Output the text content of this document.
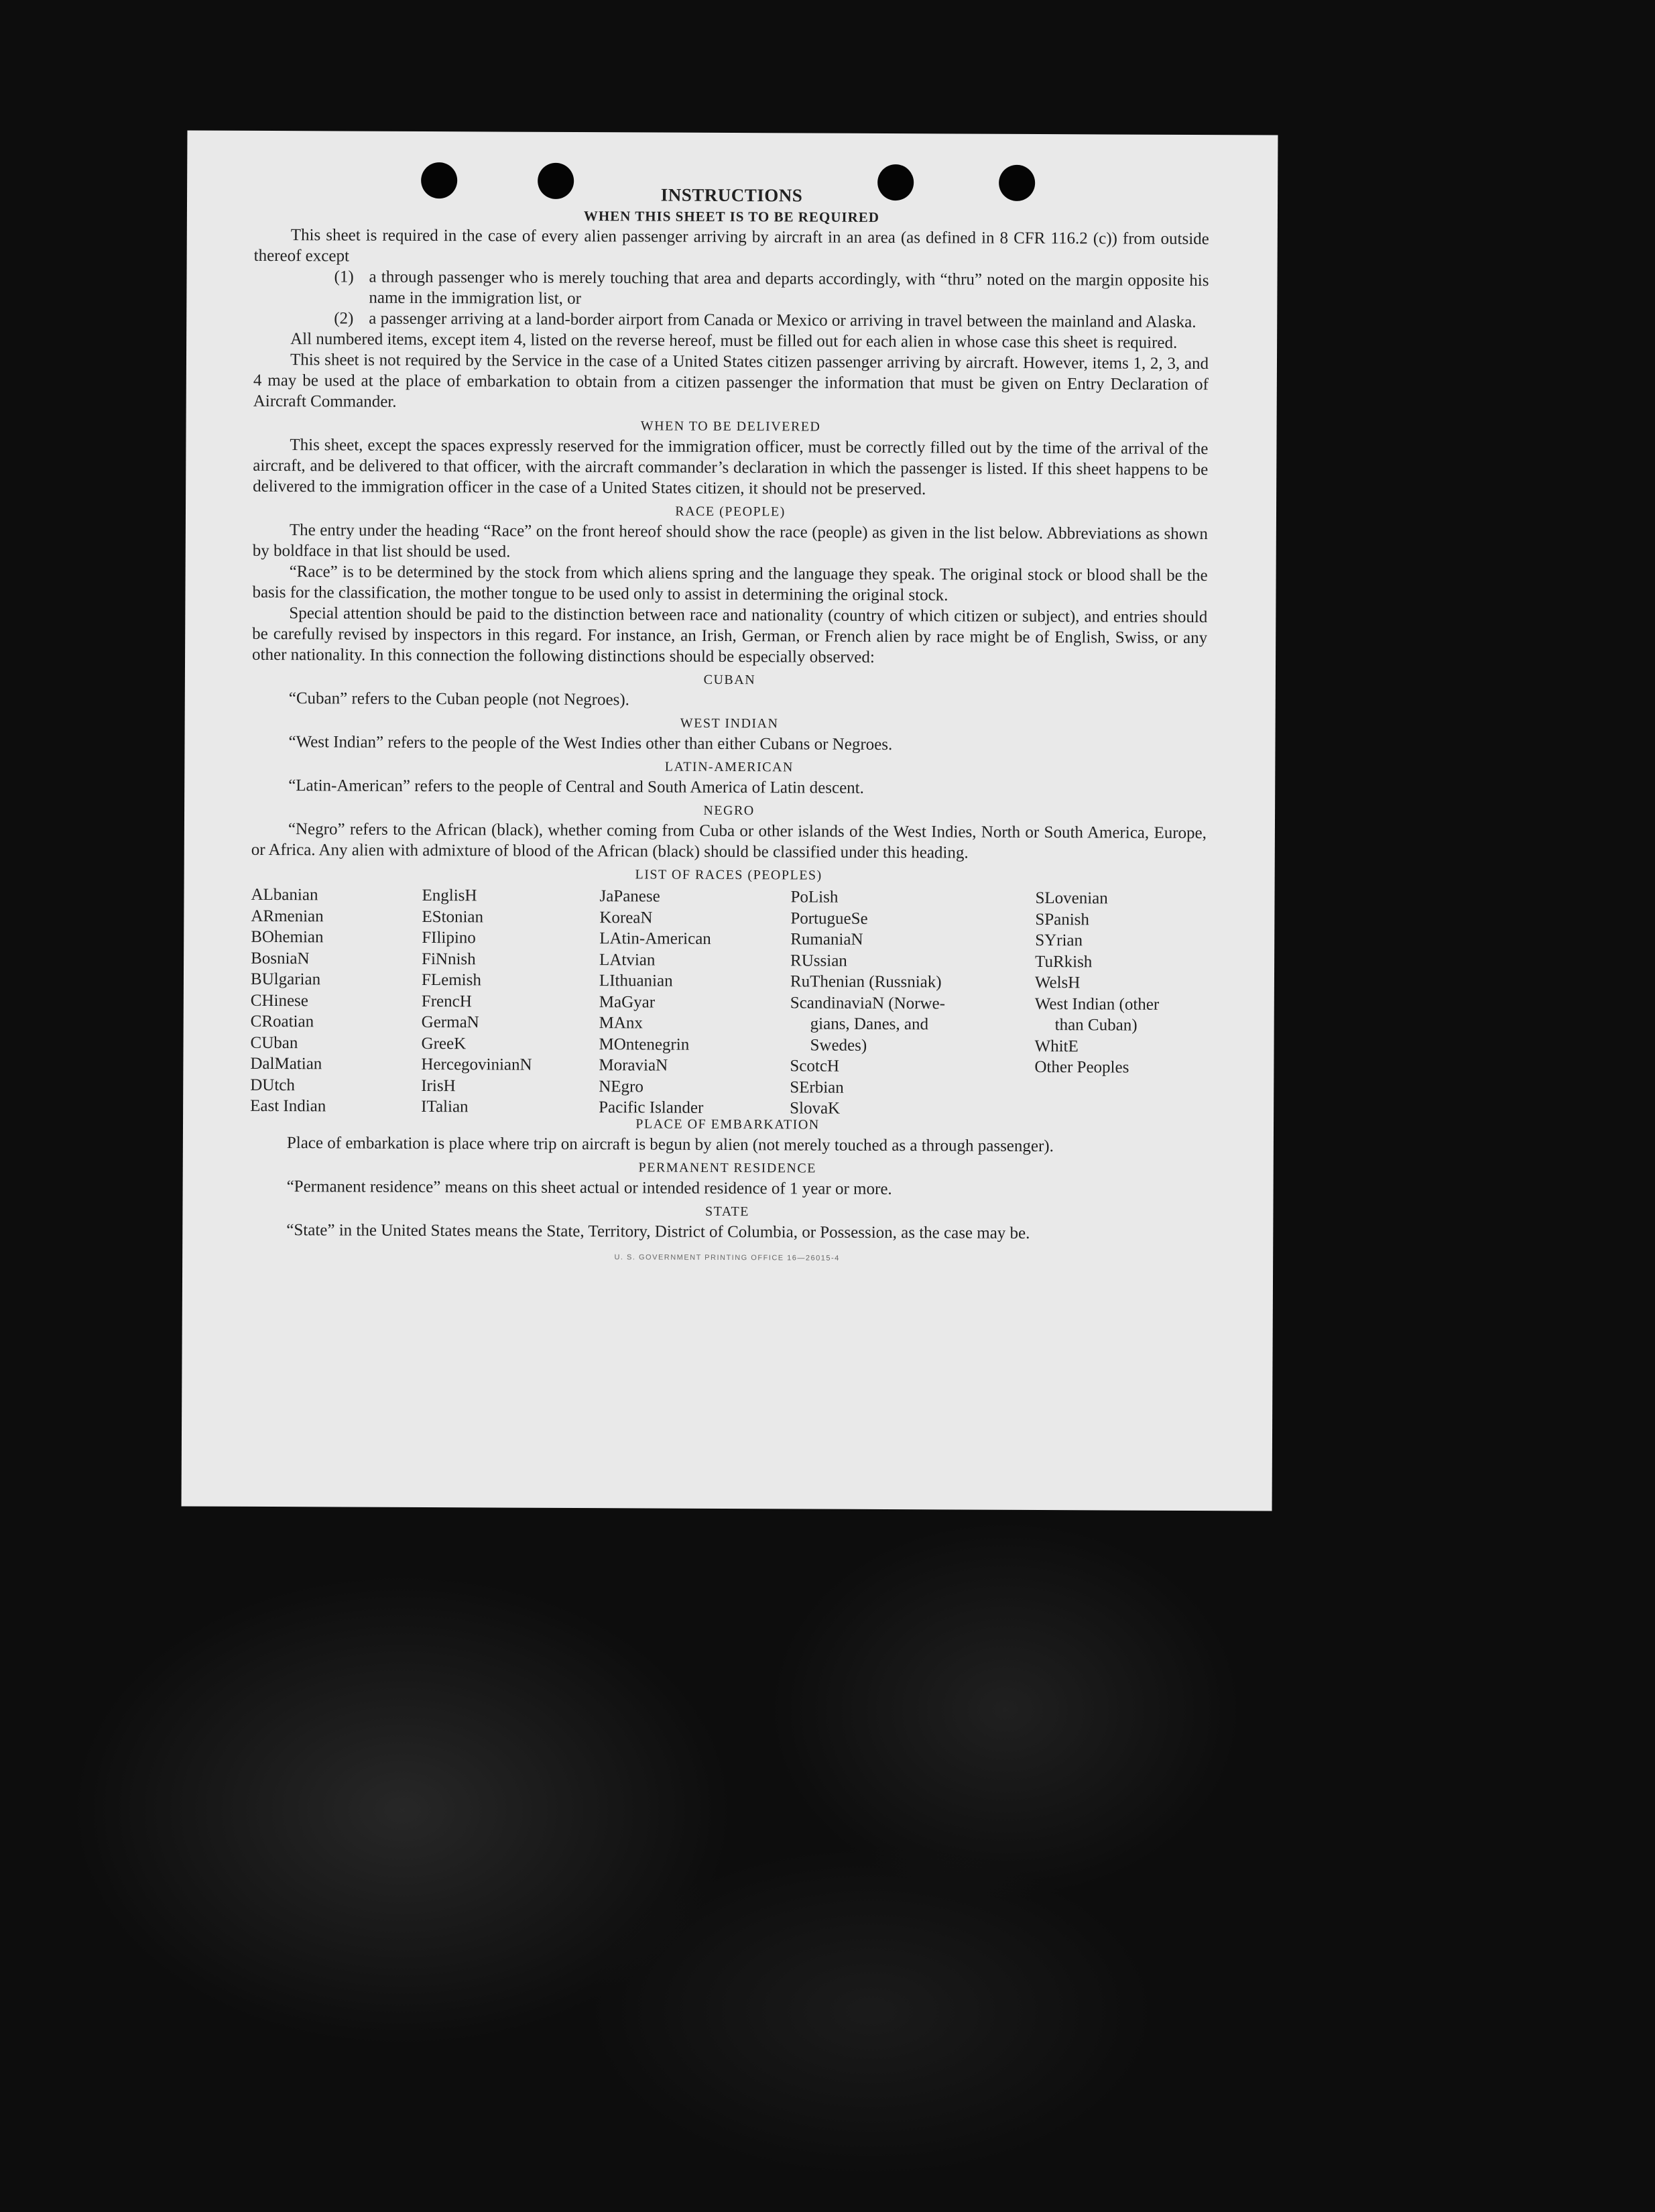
INSTRUCTIONS
WHEN THIS SHEET IS TO BE REQUIRED

This sheet is required in the case of every alien passenger arriving by aircraft in an area (as defined in 8 CFR 116.2 (c)) from outside thereof except

(1) a through passenger who is merely touching that area and departs accordingly, with “thru” noted on the margin opposite his name in the immigration list, or
(2) a passenger arriving at a land-border airport from Canada or Mexico or arriving in travel between the mainland and Alaska.

All numbered items, except item 4, listed on the reverse hereof, must be filled out for each alien in whose case this sheet is required.

This sheet is not required by the Service in the case of a United States citizen passenger arriving by aircraft. However, items 1, 2, 3, and 4 may be used at the place of embarkation to obtain from a citizen passenger the information that must be given on Entry Declaration of Aircraft Commander.

WHEN TO BE DELIVERED

This sheet, except the spaces expressly reserved for the immigration officer, must be correctly filled out by the time of the arrival of the aircraft, and be delivered to that officer, with the aircraft commander’s declaration in which the passenger is listed. If this sheet happens to be delivered to the immigration officer in the case of a United States citizen, it should not be preserved.

RACE (PEOPLE)

The entry under the heading “Race” on the front hereof should show the race (people) as given in the list below. Abbreviations as shown by boldface in that list should be used.

“Race” is to be determined by the stock from which aliens spring and the language they speak. The original stock or blood shall be the basis for the classification, the mother tongue to be used only to assist in determining the original stock.

Special attention should be paid to the distinction between race and nationality (country of which citizen or subject), and entries should be carefully revised by inspectors in this regard. For instance, an Irish, German, or French alien by race might be of English, Swiss, or any other nationality. In this connection the following distinctions should be especially observed:

CUBAN

“Cuban” refers to the Cuban people (not Negroes).

WEST INDIAN

“West Indian” refers to the people of the West Indies other than either Cubans or Negroes.

LATIN-AMERICAN

“Latin-American” refers to the people of Central and South America of Latin descent.

NEGRO

“Negro” refers to the African (black), whether coming from Cuba or other islands of the West Indies, North or South America, Europe, or Africa. Any alien with admixture of blood of the African (black) should be classified under this heading.

LIST OF RACES (PEOPLES)
ALbanian
ARmenian
BOhemian
BosniaN
BUlgarian
CHinese
CRoatian
CUban
DalMatian
DUtch
East Indian
EnglisH
EStonian
FIlipino
FiNnish
FLemish
FrencH
GermaN
GreeK
HercegovinianN
IrisH
ITalian
JaPanese
KoreaN
LAtin-American
LAtvian
LIthuanian
MaGyar
MAnx
MOntenegrin
MoraviaN
NEgro
Pacific Islander
PoLish
PortugueSe
RumaniaN
RUssian
RuThenian (Russniak)
ScandinaviaN (Norwe-
gians, Danes, and
Swedes)
ScotcH
SErbian
SlovaK
SLovenian
SPanish
SYrian
TuRkish
WelsH
West Indian (other
than Cuban)
WhitE
Other Peoples
PLACE OF EMBARKATION

Place of embarkation is place where trip on aircraft is begun by alien (not merely touched as a through passenger).

PERMANENT RESIDENCE

“Permanent residence” means on this sheet actual or intended residence of 1 year or more.

STATE

“State” in the United States means the State, Territory, District of Columbia, or Possession, as the case may be.

U. S. GOVERNMENT PRINTING OFFICE 16—26015-4
